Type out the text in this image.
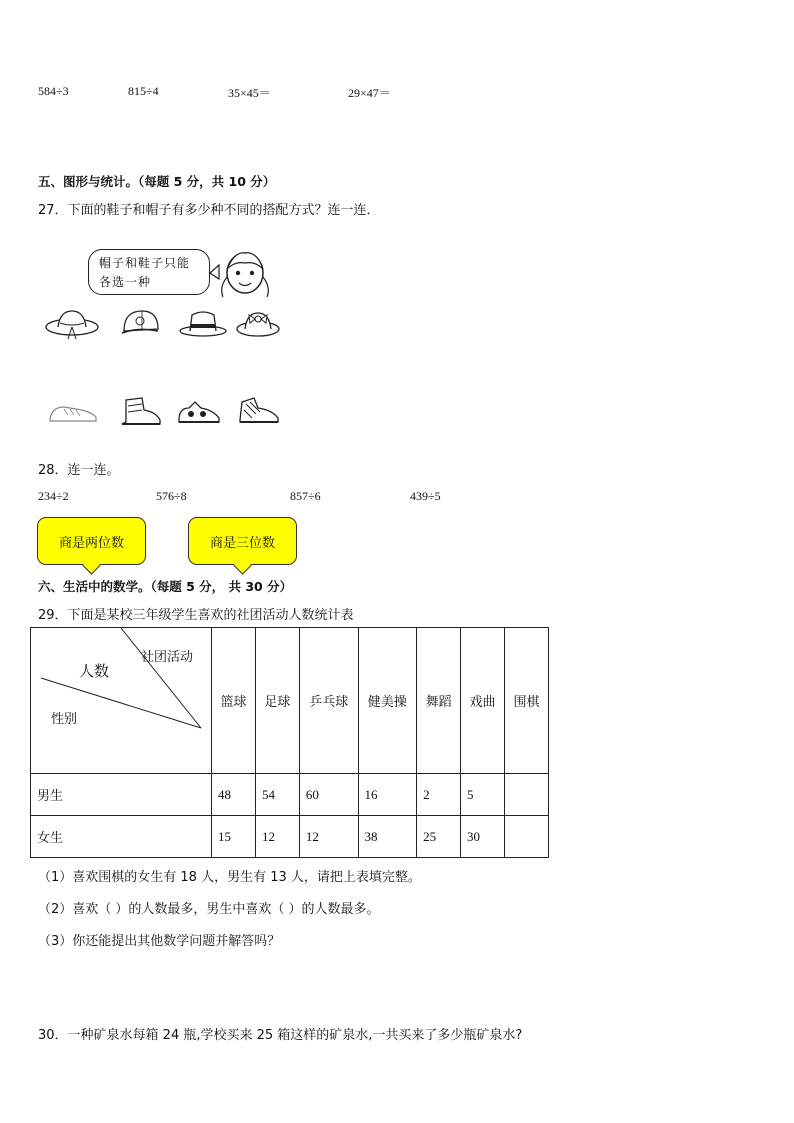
584÷3	815÷4	35×45＝	29×47＝
五、图形与统计。（每题 5 分，共 10 分）
27．下面的鞋子和帽子有多少种不同的搭配方式？连一连．
帽子和鞋子只能
各选一种
28．连一连。
234÷2	576÷8	857÷6	439÷5
商是两位数	商是三位数
六、生活中的数学。（每题 5 分， 共 30 分）
29．下面是某校三年级学生喜欢的社团活动人数统计表
社团活动
人数
性别	篮球	足球	乒乓球	健美操	舞蹈	戏曲	围棋
男生	48	54	60	16	2	5	
女生	15	12	12	38	25	30	
（1）喜欢围棋的女生有 18 人，男生有 13 人，请把上表填完整。
（2）喜欢（ ）的人数最多，男生中喜欢（ ）的人数最多。
（3）你还能提出其他数学问题并解答吗？
30．一种矿泉水每箱 24 瓶,学校买来 25 箱这样的矿泉水,一共买来了多少瓶矿泉水?
